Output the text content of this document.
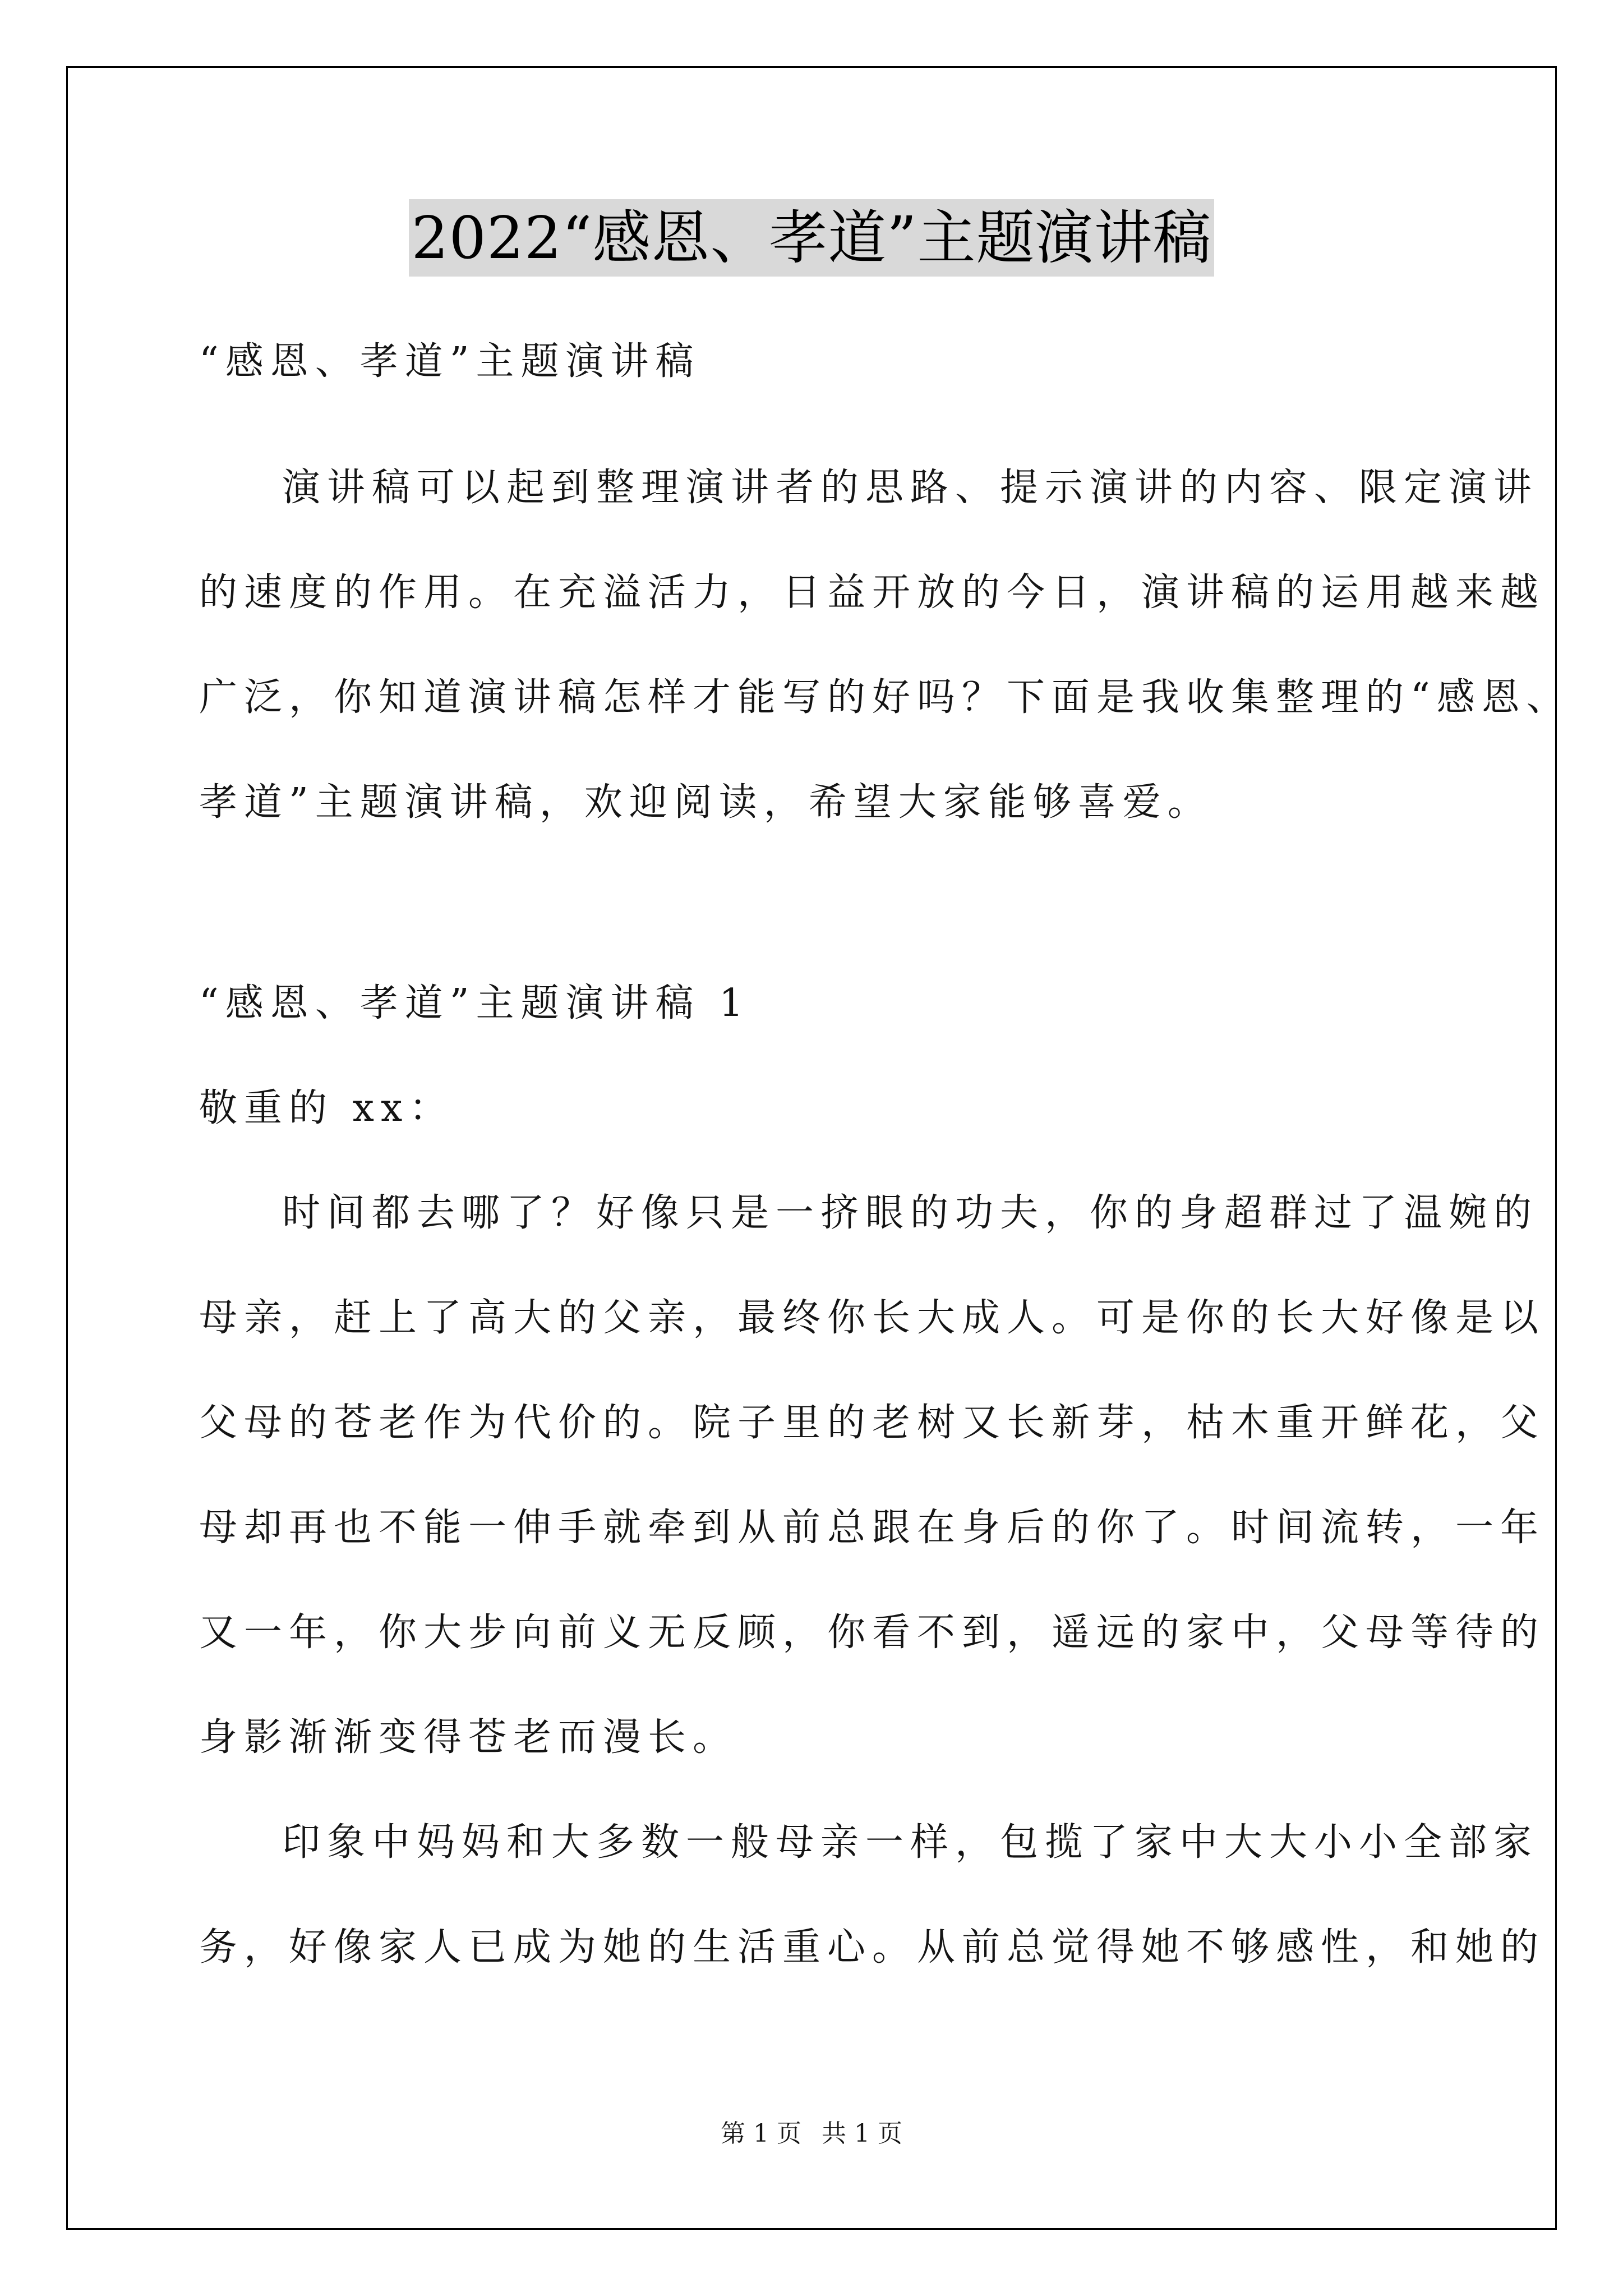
2022“感恩、孝道”主题演讲稿
“感恩、孝道”主题演讲稿
演讲稿可以起到整理演讲者的思路、提示演讲的内容、限定演讲
的速度的作用。在充溢活力，日益开放的今日，演讲稿的运用越来越
广泛，你知道演讲稿怎样才能写的好吗？下面是我收集整理的“感恩、
孝道”主题演讲稿，欢迎阅读，希望大家能够喜爱。
“感恩、孝道”主题演讲稿 1
敬重的 xx：
时间都去哪了？好像只是一挤眼的功夫，你的身超群过了温婉的
母亲，赶上了高大的父亲，最终你长大成人。可是你的长大好像是以
父母的苍老作为代价的。院子里的老树又长新芽，枯木重开鲜花，父
母却再也不能一伸手就牵到从前总跟在身后的你了。时间流转，一年
又一年，你大步向前义无反顾，你看不到，遥远的家中，父母等待的
身影渐渐变得苍老而漫长。
印象中妈妈和大多数一般母亲一样，包揽了家中大大小小全部家
务，好像家人已成为她的生活重心。从前总觉得她不够感性，和她的
第 1 页 共 1 页
